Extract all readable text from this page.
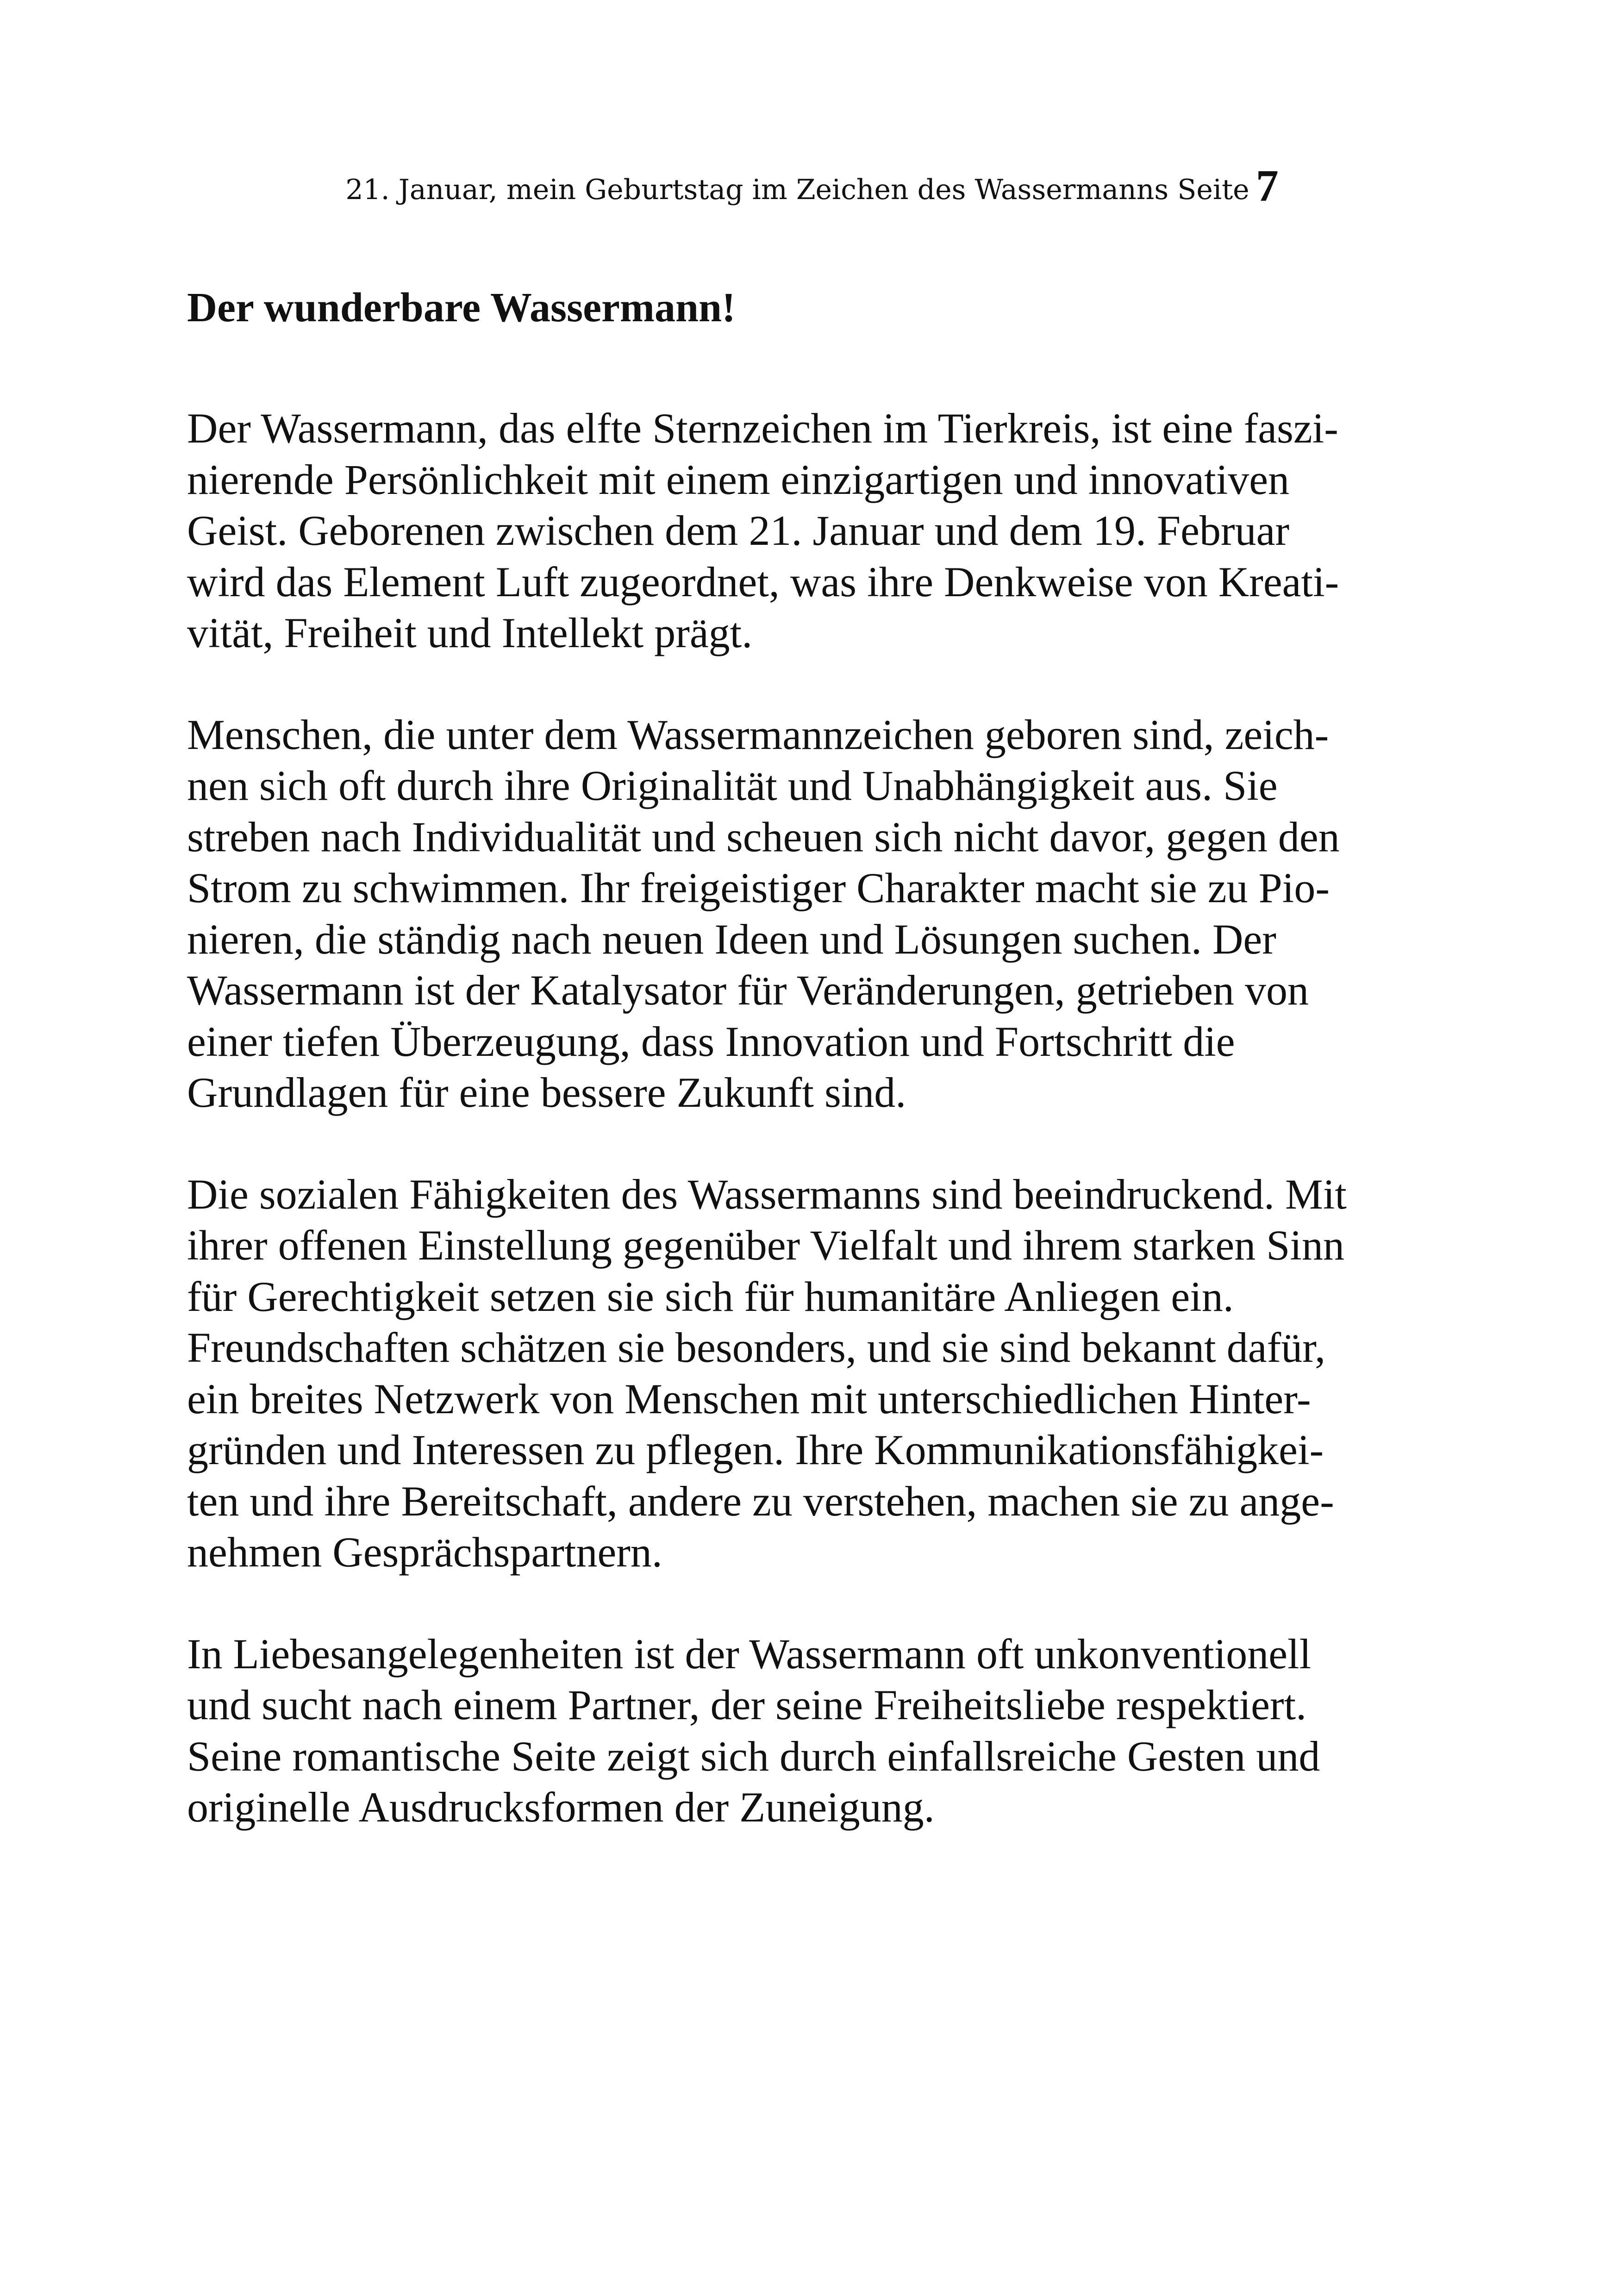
21. Januar, mein Geburtstag im Zeichen des Wassermanns Seite 7
Der wunderbare Wassermann!

Der Wassermann, das elfte Sternzeichen im Tierkreis, ist eine faszi-
nierende Persönlichkeit mit einem einzigartigen und innovativen
Geist. Geborenen zwischen dem 21. Januar und dem 19. Februar
wird das Element Luft zugeordnet, was ihre Denkweise von Kreati-
vität, Freiheit und Intellekt prägt.

Menschen, die unter dem Wassermannzeichen geboren sind, zeich-
nen sich oft durch ihre Originalität und Unabhängigkeit aus. Sie
streben nach Individualität und scheuen sich nicht davor, gegen den
Strom zu schwimmen. Ihr freigeistiger Charakter macht sie zu Pio-
nieren, die ständig nach neuen Ideen und Lösungen suchen. Der
Wassermann ist der Katalysator für Veränderungen, getrieben von
einer tiefen Überzeugung, dass Innovation und Fortschritt die
Grundlagen für eine bessere Zukunft sind.

Die sozialen Fähigkeiten des Wassermanns sind beeindruckend. Mit
ihrer offenen Einstellung gegenüber Vielfalt und ihrem starken Sinn
für Gerechtigkeit setzen sie sich für humanitäre Anliegen ein.
Freundschaften schätzen sie besonders, und sie sind bekannt dafür,
ein breites Netzwerk von Menschen mit unterschiedlichen Hinter-
gründen und Interessen zu pflegen. Ihre Kommunikationsfähigkei-
ten und ihre Bereitschaft, andere zu verstehen, machen sie zu ange-
nehmen Gesprächspartnern.

In Liebesangelegenheiten ist der Wassermann oft unkonventionell
und sucht nach einem Partner, der seine Freiheitsliebe respektiert.
Seine romantische Seite zeigt sich durch einfallsreiche Gesten und
originelle Ausdrucksformen der Zuneigung.
